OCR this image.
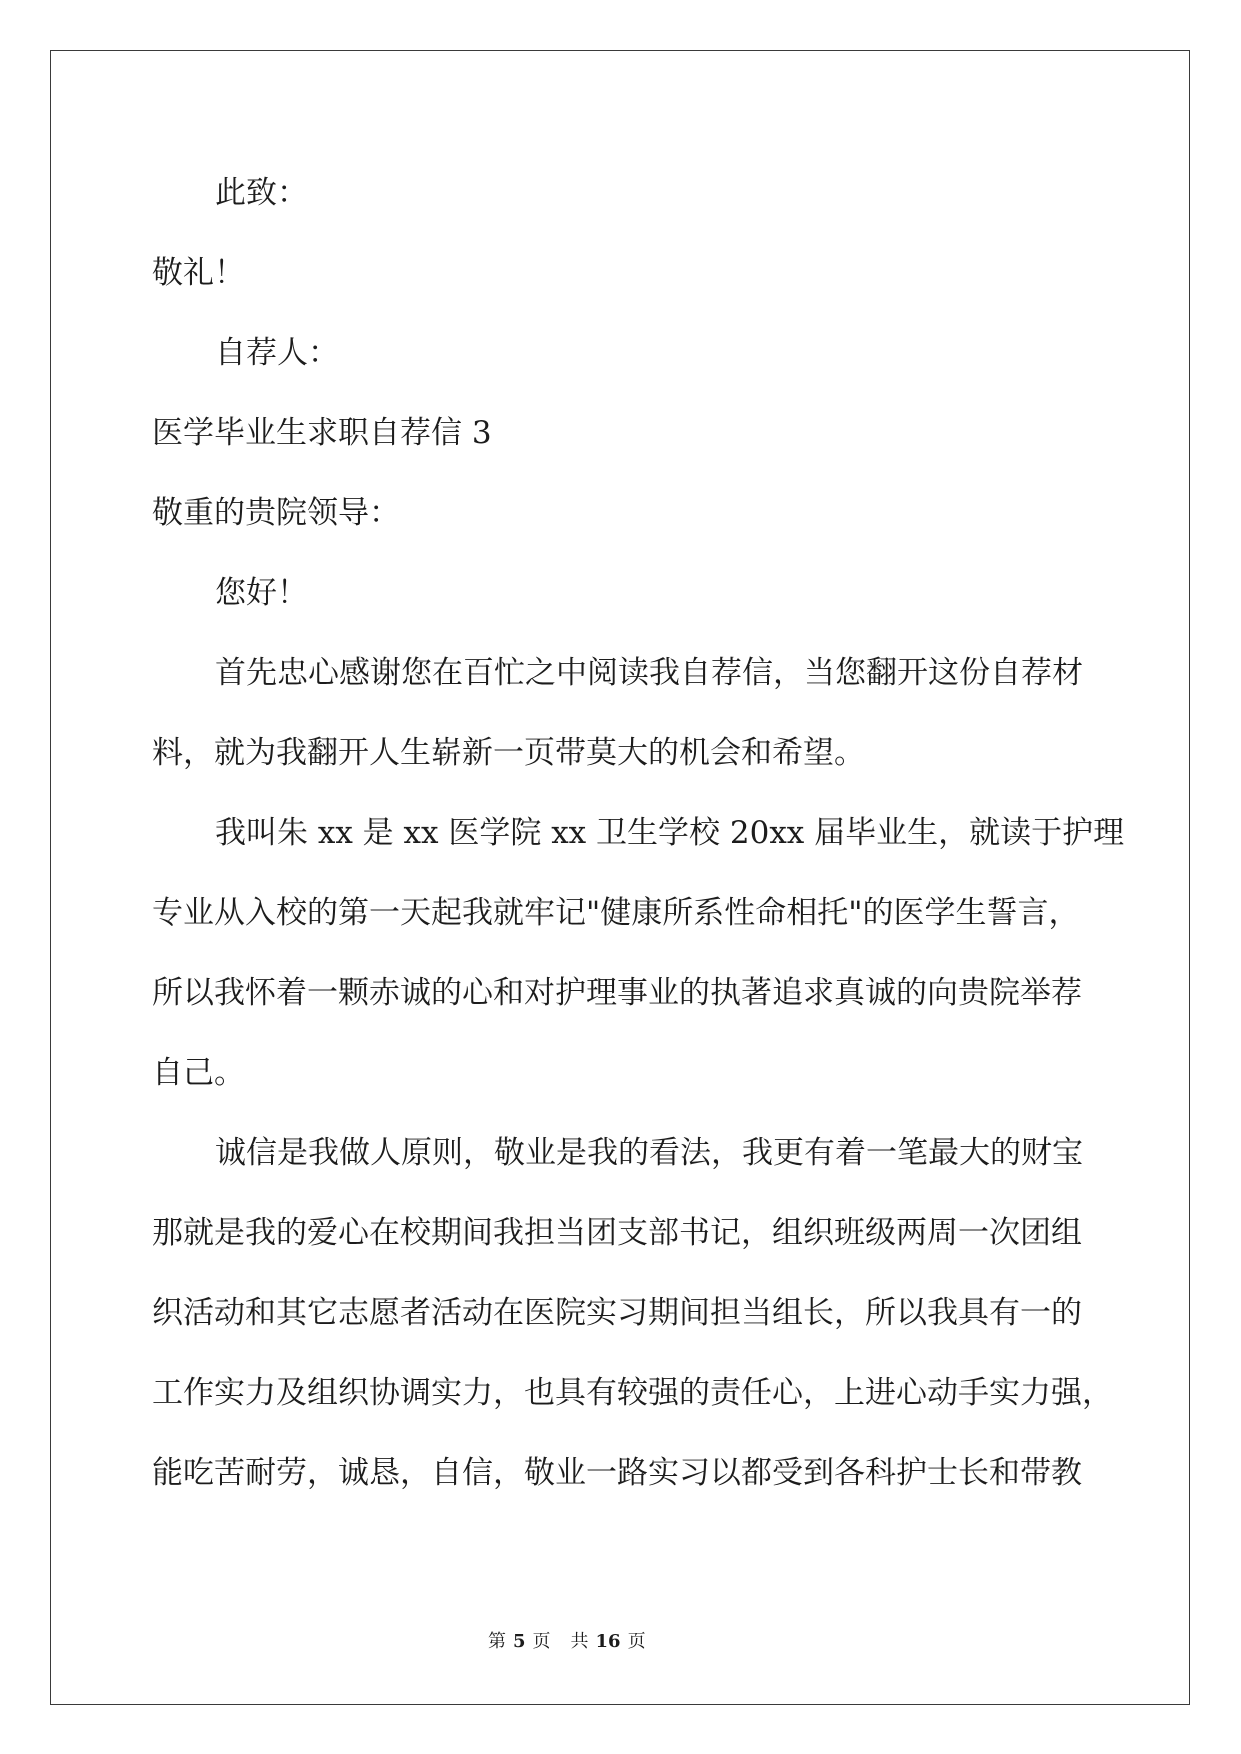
此致：
敬礼！
自荐人：
医学毕业生求职自荐信 3
敬重的贵院领导：
您好！
首先忠心感谢您在百忙之中阅读我自荐信，当您翻开这份自荐材
料，就为我翻开人生崭新一页带莫大的机会和希望。
我叫朱 xx 是 xx 医学院 xx 卫生学校 20xx 届毕业生，就读于护理
专业从入校的第一天起我就牢记"健康所系性命相托"的医学生誓言，
所以我怀着一颗赤诚的心和对护理事业的执著追求真诚的向贵院举荐
自己。
诚信是我做人原则，敬业是我的看法，我更有着一笔最大的财宝
那就是我的爱心在校期间我担当团支部书记，组织班级两周一次团组
织活动和其它志愿者活动在医院实习期间担当组长，所以我具有一的
工作实力及组织协调实力，也具有较强的责任心，上进心动手实力强，
能吃苦耐劳，诚恳，自信，敬业一路实习以都受到各科护士长和带教
第 5 页 共 16 页
